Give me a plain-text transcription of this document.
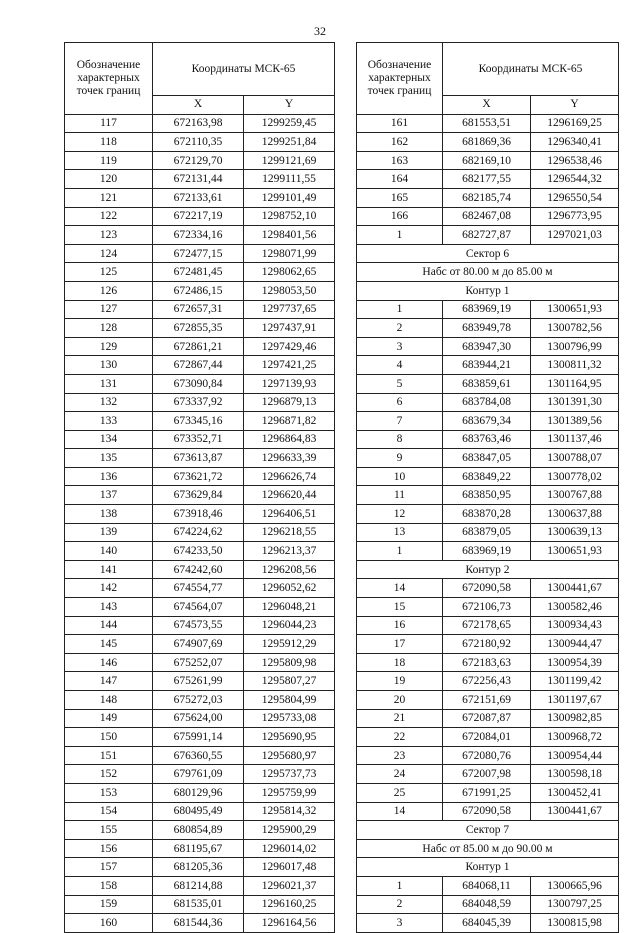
32
Обозначение характерных точек границ	Координаты МСК-65	
	X	Y
117	672163,98	1299259,45
118	672110,35	1299251,84
119	672129,70	1299121,69
120	672131,44	1299111,55
121	672133,61	1299101,49
122	672217,19	1298752,10
123	672334,16	1298401,56
124	672477,15	1298071,99
125	672481,45	1298062,65
126	672486,15	1298053,50
127	672657,31	1297737,65
128	672855,35	1297437,91
129	672861,21	1297429,46
130	672867,44	1297421,25
131	673090,84	1297139,93
132	673337,92	1296879,13
133	673345,16	1296871,82
134	673352,71	1296864,83
135	673613,87	1296633,39
136	673621,72	1296626,74
137	673629,84	1296620,44
138	673918,46	1296406,51
139	674224,62	1296218,55
140	674233,50	1296213,37
141	674242,60	1296208,56
142	674554,77	1296052,62
143	674564,07	1296048,21
144	674573,55	1296044,23
145	674907,69	1295912,29
146	675252,07	1295809,98
147	675261,99	1295807,27
148	675272,03	1295804,99
149	675624,00	1295733,08
150	675991,14	1295690,95
151	676360,55	1295680,97
152	679761,09	1295737,73
153	680129,96	1295759,99
154	680495,49	1295814,32
155	680854,89	1295900,29
156	681195,67	1296014,02
157	681205,36	1296017,48
158	681214,88	1296021,37
159	681535,01	1296160,25
160	681544,36	1296164,56
Обозначение характерных точек границ	Координаты МСК-65	
	X	Y
161	681553,51	1296169,25
162	681869,36	1296340,41
163	682169,10	1296538,46
164	682177,55	1296544,32
165	682185,74	1296550,54
166	682467,08	1296773,95
1	682727,87	1297021,03
Сектор 6		
Набс от 80.00 м до 85.00 м		
Контур 1		
1	683969,19	1300651,93
2	683949,78	1300782,56
3	683947,30	1300796,99
4	683944,21	1300811,32
5	683859,61	1301164,95
6	683784,08	1301391,30
7	683679,34	1301389,56
8	683763,46	1301137,46
9	683847,05	1300788,07
10	683849,22	1300778,02
11	683850,95	1300767,88
12	683870,28	1300637,88
13	683879,05	1300639,13
1	683969,19	1300651,93
Контур 2		
14	672090,58	1300441,67
15	672106,73	1300582,46
16	672178,65	1300934,43
17	672180,92	1300944,47
18	672183,63	1300954,39
19	672256,43	1301199,42
20	672151,69	1301197,67
21	672087,87	1300982,85
22	672084,01	1300968,72
23	672080,76	1300954,44
24	672007,98	1300598,18
25	671991,25	1300452,41
14	672090,58	1300441,67
Сектор 7		
Набс от 85.00 м до 90.00 м		
Контур 1		
1	684068,11	1300665,96
2	684048,59	1300797,25
3	684045,39	1300815,98
